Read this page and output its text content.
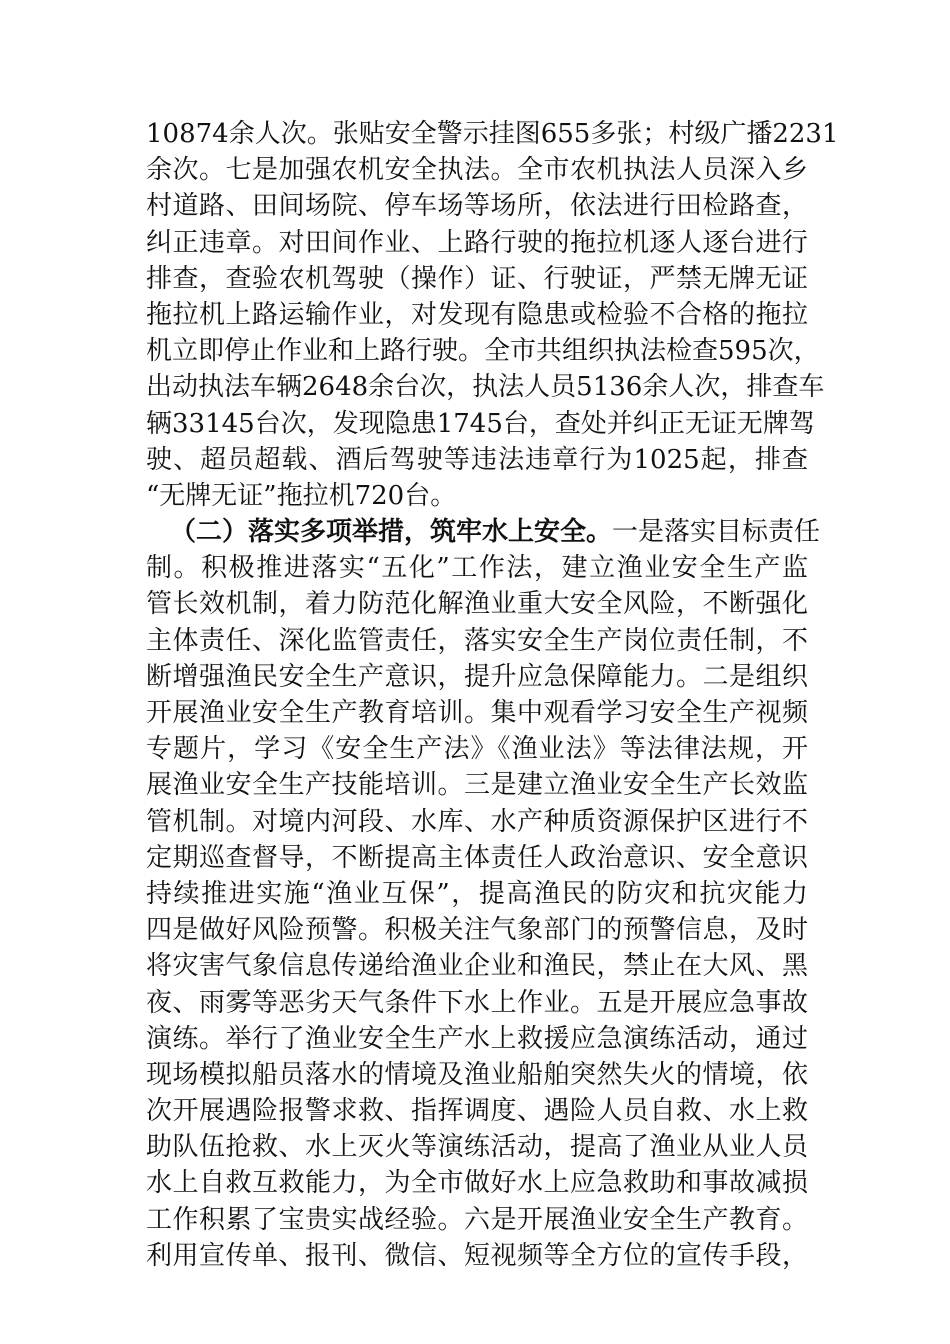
10874余人次。张贴安全警示挂图655多张；村级广播2231
余次。七是加强农机安全执法。全市农机执法人员深入乡
村道路、田间场院、停车场等场所，依法进行田检路查，
纠正违章。对田间作业、上路行驶的拖拉机逐人逐台进行
排查，查验农机驾驶（操作）证、行驶证，严禁无牌无证
拖拉机上路运输作业，对发现有隐患或检验不合格的拖拉
机立即停止作业和上路行驶。全市共组织执法检查595次，
出动执法车辆2648余台次，执法人员5136余人次，排查车
辆33145台次，发现隐患1745台，查处并纠正无证无牌驾
驶、超员超载、酒后驾驶等违法违章行为1025起，排查
“无牌无证”拖拉机720台。
（二）落实多项举措，筑牢水上安全。一是落实目标责任
制。积极推进落实“五化”工作法，建立渔业安全生产监
管长效机制，着力防范化解渔业重大安全风险，不断强化
主体责任、深化监管责任，落实安全生产岗位责任制，不
断增强渔民安全生产意识，提升应急保障能力。二是组织
开展渔业安全生产教育培训。集中观看学习安全生产视频
专题片，学习《安全生产法》《渔业法》等法律法规，开
展渔业安全生产技能培训。三是建立渔业安全生产长效监
管机制。对境内河段、水库、水产种质资源保护区进行不
定期巡查督导，不断提高主体责任人政治意识、安全意识
持续推进实施“渔业互保”，提高渔民的防灾和抗灾能力
四是做好风险预警。积极关注气象部门的预警信息，及时
将灾害气象信息传递给渔业企业和渔民，禁止在大风、黑
夜、雨雾等恶劣天气条件下水上作业。五是开展应急事故
演练。举行了渔业安全生产水上救援应急演练活动，通过
现场模拟船员落水的情境及渔业船舶突然失火的情境，依
次开展遇险报警求救、指挥调度、遇险人员自救、水上救
助队伍抢救、水上灭火等演练活动，提高了渔业从业人员
水上自救互救能力，为全市做好水上应急救助和事故减损
工作积累了宝贵实战经验。六是开展渔业安全生产教育。
利用宣传单、报刊、微信、短视频等全方位的宣传手段，
